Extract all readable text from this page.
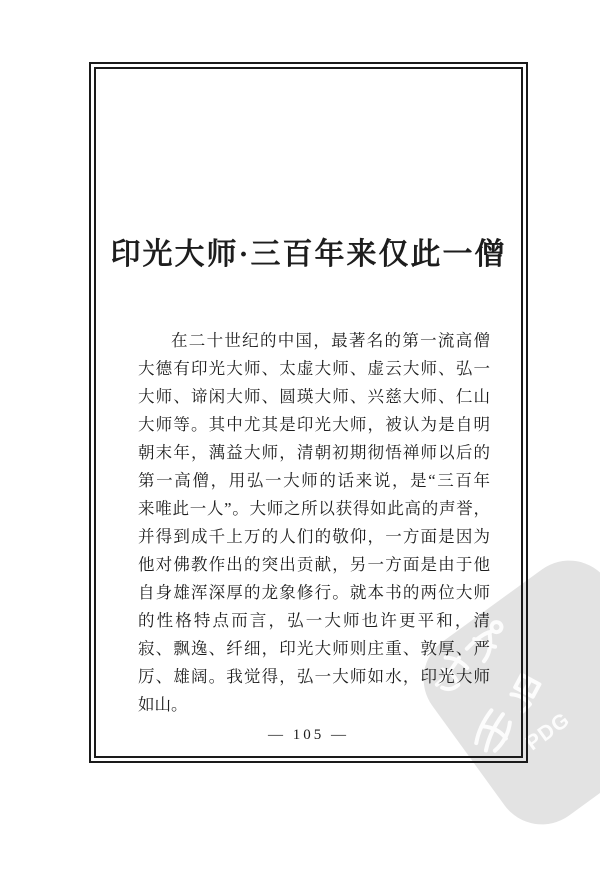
PDG
印光大师·三百年来仅此一僧
在二十世纪的中国，最著名的第一流高僧
大德有印光大师、太虚大师、虚云大师、弘一
大师、谛闲大师、圆瑛大师、兴慈大师、仁山
大师等。其中尤其是印光大师，被认为是自明
朝末年，蕅益大师，清朝初期彻悟禅师以后的
第一高僧，用弘一大师的话来说，是“三百年
来唯此一人”。大师之所以获得如此高的声誉，
并得到成千上万的人们的敬仰，一方面是因为
他对佛教作出的突出贡献，另一方面是由于他
自身雄浑深厚的龙象修行。就本书的两位大师
的性格特点而言，弘一大师也许更平和，清
寂、飘逸、纤细，印光大师则庄重、敦厚、严
厉、雄阔。我觉得，弘一大师如水，印光大师
如山。
— 105 —
